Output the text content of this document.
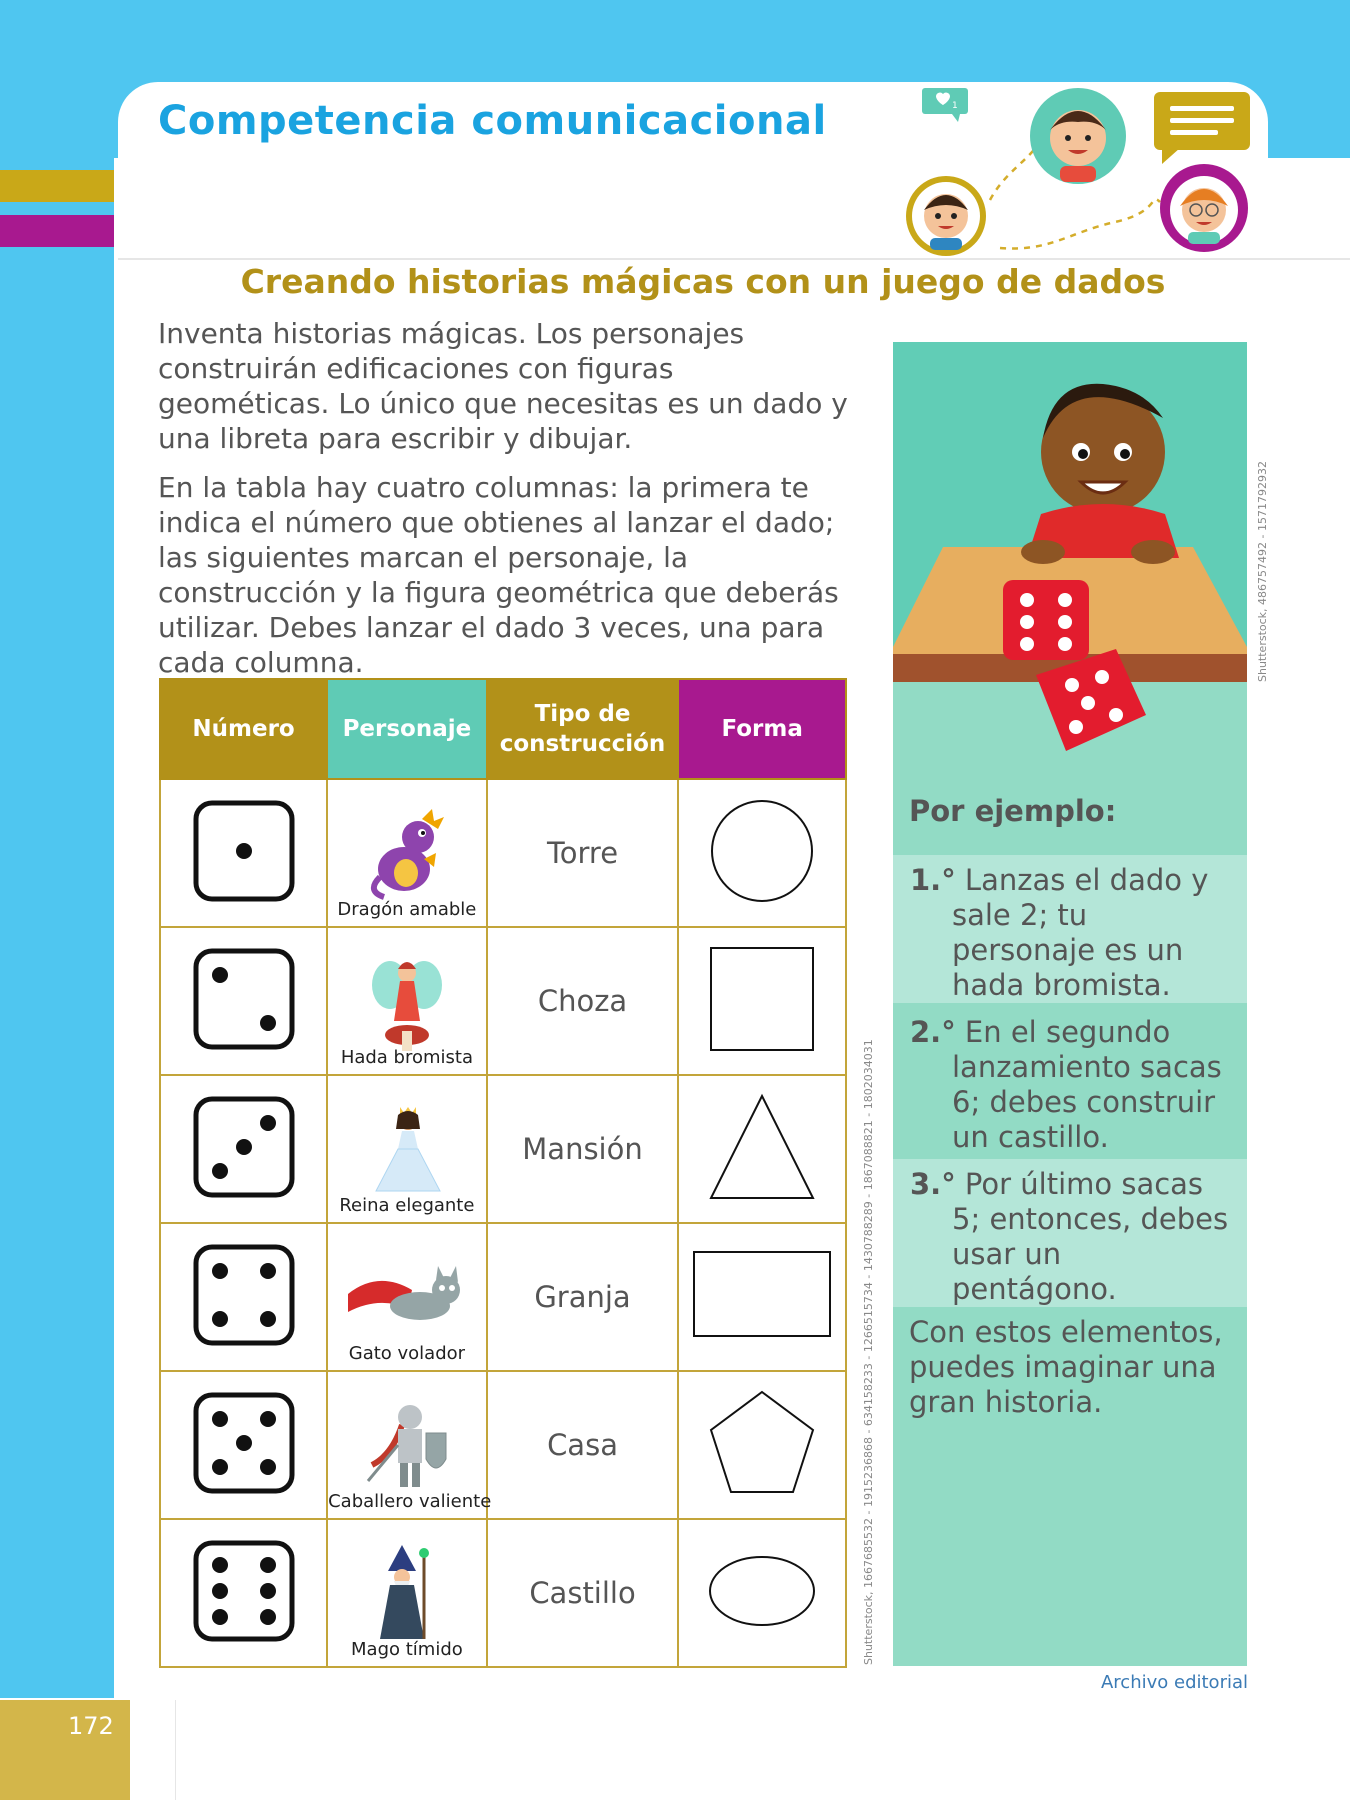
Competencia comunicacional	1
Creando historias mágicas con un juego de dados

Inventa historias mágicas. Los personajes construirán edificaciones con figuras geométicas. Lo único que necesitas es un dado y una libreta para escribir y dibujar.

En la tabla hay cuatro columnas: la primera te indica el número que obtienes al lanzar el dado; las siguientes marcan el personaje, la construcción y la figura geométrica que deberás utilizar. Debes lanzar el dado 3 veces, una para cada columna.

Número	Personaje	Tipo de construcción	Forma

Dragón amable	Torre	

Hada bromista	Choza	

Reina elegante	Mansión	

Gato volador	Granja	

Caballero valiente	Casa	

Mago tímido	Castillo		Shutterstock, 1667685532 - 1915236868 - 634158233 - 1266515734 - 1430788289 - 1867088821 - 1802034031
Shutterstock, 486757492 - 1571792932
Por ejemplo:
1.° Lanzas el dado y sale 2; tu personaje es un hada bromista.
2.° En el segundo lanzamiento sacas 6; debes construir un castillo.
3.° Por último sacas 5; entonces, debes usar un pentágono.
Con estos elementos, puedes imaginar una gran historia.
Archivo editorial
172
